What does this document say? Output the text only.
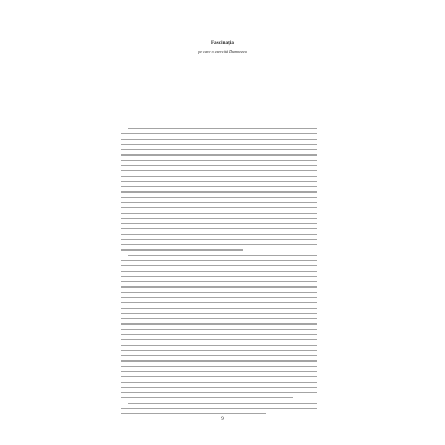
Fascinația
pe care o exercită Dumnezeu
9
